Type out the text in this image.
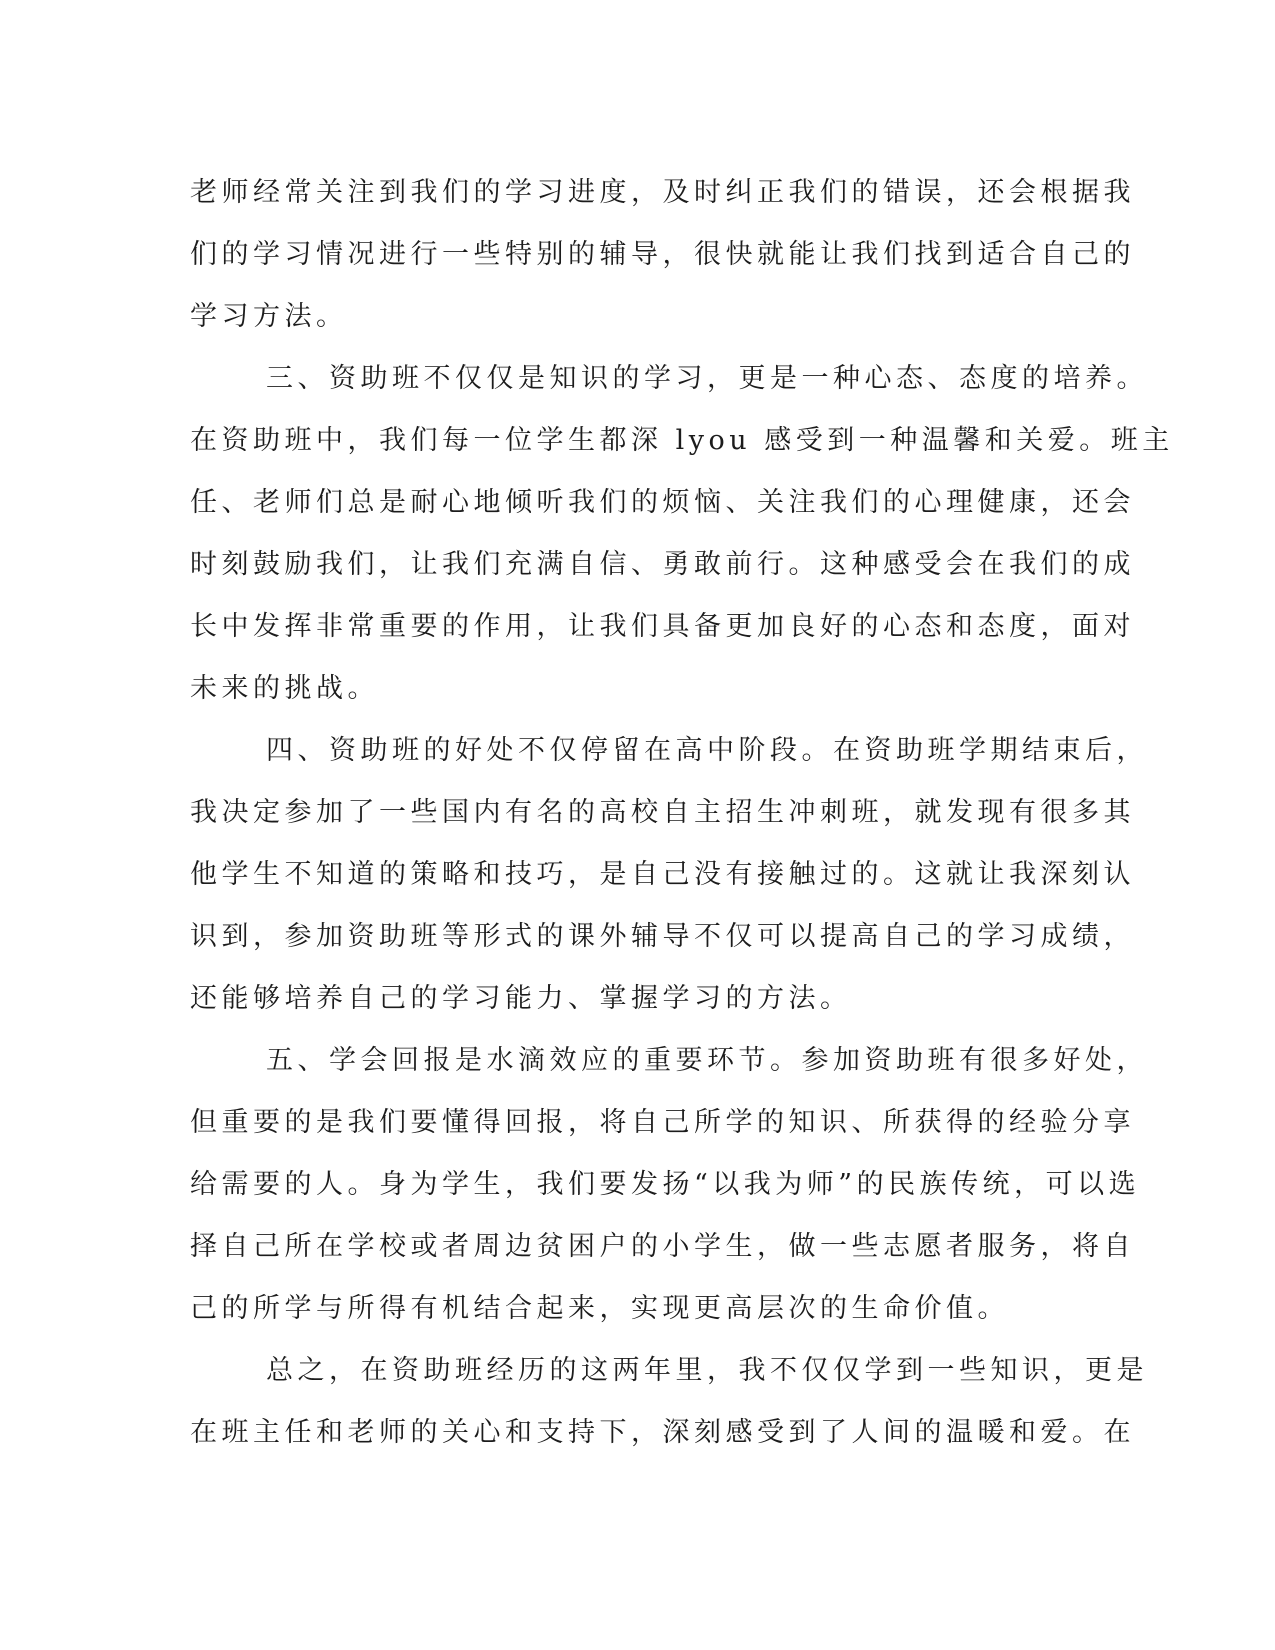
老师经常关注到我们的学习进度，及时纠正我们的错误，还会根据我
们的学习情况进行一些特别的辅导，很快就能让我们找到适合自己的
学习方法。
三、资助班不仅仅是知识的学习，更是一种心态、态度的培养。
在资助班中，我们每一位学生都深 lyou 感受到一种温馨和关爱。班主
任、老师们总是耐心地倾听我们的烦恼、关注我们的心理健康，还会
时刻鼓励我们，让我们充满自信、勇敢前行。这种感受会在我们的成
长中发挥非常重要的作用，让我们具备更加良好的心态和态度，面对
未来的挑战。
四、资助班的好处不仅停留在高中阶段。在资助班学期结束后，
我决定参加了一些国内有名的高校自主招生冲刺班，就发现有很多其
他学生不知道的策略和技巧，是自己没有接触过的。这就让我深刻认
识到，参加资助班等形式的课外辅导不仅可以提高自己的学习成绩，
还能够培养自己的学习能力、掌握学习的方法。
五、学会回报是水滴效应的重要环节。参加资助班有很多好处，
但重要的是我们要懂得回报，将自己所学的知识、所获得的经验分享
给需要的人。身为学生，我们要发扬“以我为师”的民族传统，可以选
择自己所在学校或者周边贫困户的小学生，做一些志愿者服务，将自
己的所学与所得有机结合起来，实现更高层次的生命价值。
总之，在资助班经历的这两年里，我不仅仅学到一些知识，更是
在班主任和老师的关心和支持下，深刻感受到了人间的温暖和爱。在
